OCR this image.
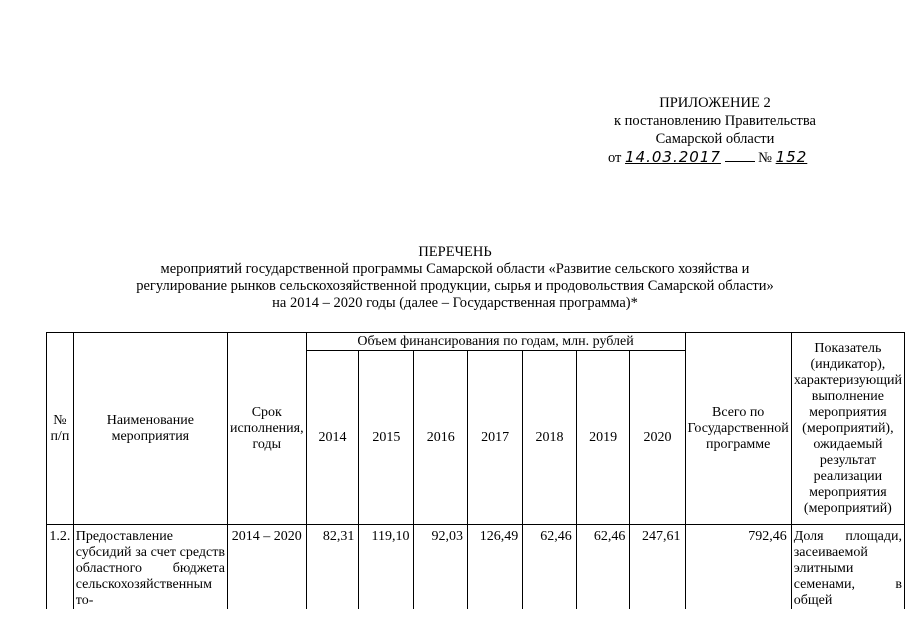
ПРИЛОЖЕНИЕ 2
к постановлению Правительства
Самарской области
от 14.03.2017	№ 152
ПЕРЕЧЕНЬ
мероприятий государственной программы Самарской области «Развитие сельского хозяйства и
регулирование рынков сельскохозяйственной продукции, сырья и продовольствия Самарской области»
на 2014 – 2020 годы (далее – Государственная программа)*
№ п/п	Наименование мероприятия	Срок исполнения, годы	Объем финансирования по годам, млн. рублей							Всего по Государственной программе	Показатель (индикатор), характеризующий выполнение мероприятия (мероприятий), ожидаемый результат реализации мероприятия (мероприятий)
			2014	2015	2016	2017	2018	2019	2020		
1.2.	Предоставление субсидий за счет средств областного бюджета сельскохозяйственным то-	2014 – 2020	82,31	119,10	92,03	126,49	62,46	62,46	247,61	792,46	Доля площади, засеиваемой элитными семенами, в общей
